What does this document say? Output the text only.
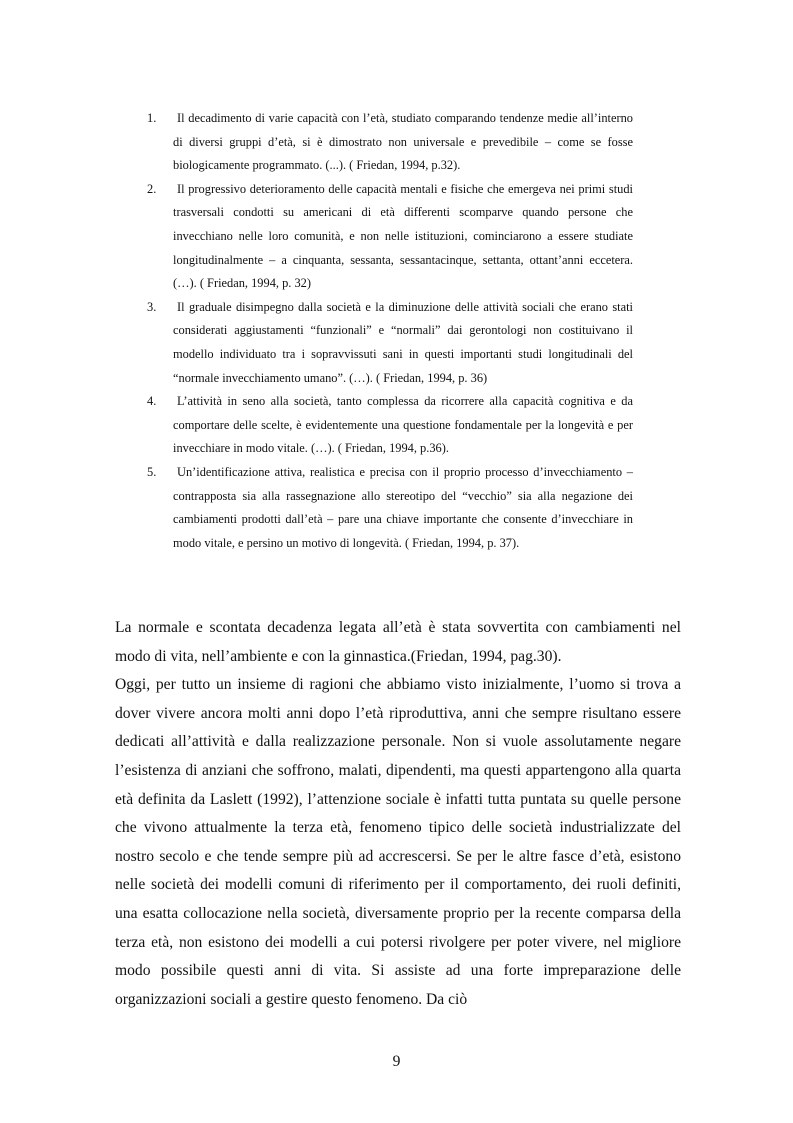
1.	Il decadimento di varie capacità con l’età, studiato comparando tendenze medie all’interno di diversi gruppi d’età, si è dimostrato non universale e prevedibile – come se fosse biologicamente programmato. (...). ( Friedan, 1994, p.32).
2.	Il progressivo deterioramento delle capacità mentali e fisiche che emergeva nei primi studi trasversali condotti su americani di età differenti scomparve quando persone che invecchiano nelle loro comunità, e non nelle istituzioni, cominciarono a essere studiate longitudinalmente – a cinquanta, sessanta, sessantacinque, settanta, ottant’anni eccetera. (…). ( Friedan, 1994, p. 32)
3.	Il graduale disimpegno dalla società e la diminuzione delle attività sociali che erano stati considerati aggiustamenti “funzionali” e “normali” dai gerontologi non costituivano il modello individuato tra i sopravvissuti sani in questi importanti studi longitudinali del “normale invecchiamento umano”. (…). ( Friedan, 1994, p. 36)
4.	L’attività in seno alla società, tanto complessa da ricorrere alla capacità cognitiva e da comportare delle scelte, è evidentemente una questione fondamentale per la longevità e per invecchiare in modo vitale. (…). ( Friedan, 1994, p.36).
5.	Un’identificazione attiva, realistica e precisa con il proprio processo d’invecchiamento – contrapposta sia alla rassegnazione allo stereotipo del “vecchio” sia alla negazione dei cambiamenti prodotti dall’età – pare una chiave importante che consente d’invecchiare in modo vitale, e persino un motivo di longevità. ( Friedan, 1994, p. 37).

La normale e scontata decadenza legata all’età è stata sovvertita con cambiamenti nel modo di vita, nell’ambiente e con la ginnastica.(Friedan, 1994, pag.30).

Oggi, per tutto un insieme di ragioni che abbiamo visto inizialmente, l’uomo si trova a dover vivere ancora molti anni dopo l’età riproduttiva, anni che sempre risultano essere dedicati all’attività e dalla realizzazione personale. Non si vuole assolutamente negare l’esistenza di anziani che soffrono, malati, dipendenti, ma questi appartengono alla quarta età definita da Laslett (1992), l’attenzione sociale è infatti tutta puntata su quelle persone che vivono attualmente la terza età, fenomeno tipico delle società industrializzate del nostro secolo e che tende sempre più ad accrescersi. Se per le altre fasce d’età, esistono nelle società dei modelli comuni di riferimento per il comportamento, dei ruoli definiti, una esatta collocazione nella società, diversamente proprio per la recente comparsa della terza età, non esistono dei modelli a cui potersi rivolgere per poter vivere, nel migliore modo possibile questi anni di vita. Si assiste ad una forte impreparazione delle organizzazioni sociali a gestire questo fenomeno. Da ciò

9
